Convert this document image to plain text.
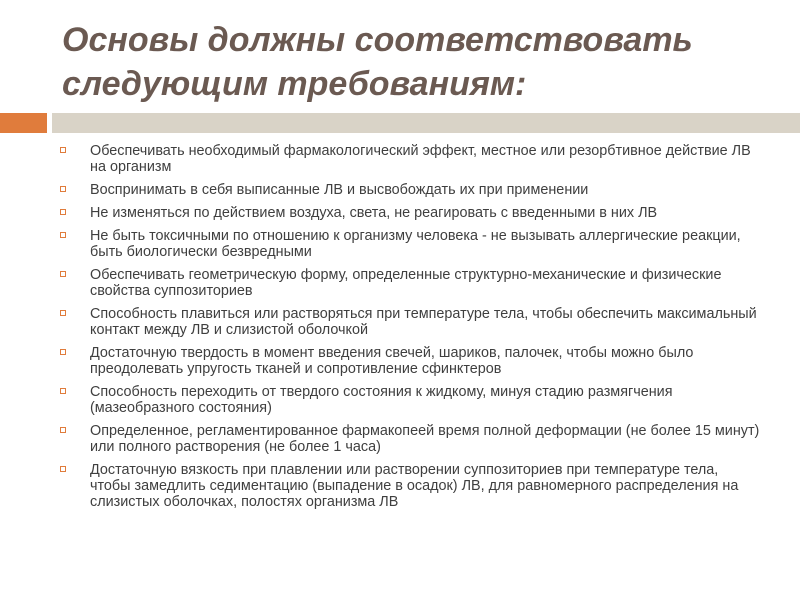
Основы должны соответствовать следующим требованиям:
Обеспечивать необходимый фармакологический эффект, местное или резорбтивное действие ЛВ на организм
Воспринимать в себя выписанные ЛВ и высвобождать их при применении
Не изменяться по действием воздуха, света, не реагировать с введенными в них ЛВ
Не быть токсичными по отношению к организму человека - не вызывать аллергические реакции, быть биологически безвредными
Обеспечивать геометрическую форму, определенные структурно-механические и физические свойства суппозиториев
Способность плавиться или растворяться при температуре тела, чтобы обеспечить максимальный контакт между ЛВ и слизистой оболочкой
Достаточную твердость в момент введения свечей, шариков, палочек, чтобы можно было преодолевать упругость тканей и сопротивление сфинктеров
Способность переходить от твердого состояния к жидкому, минуя стадию размягчения (мазеобразного состояния)
Определенное, регламентированное фармакопеей время полной деформации (не более 15 минут) или полного растворения (не более 1 часа)
Достаточную вязкость при плавлении или растворении суппозиториев при температуре тела, чтобы замедлить седиментацию (выпадение в осадок) ЛВ, для равномерного распределения на слизистых оболочках, полостях организма ЛВ
